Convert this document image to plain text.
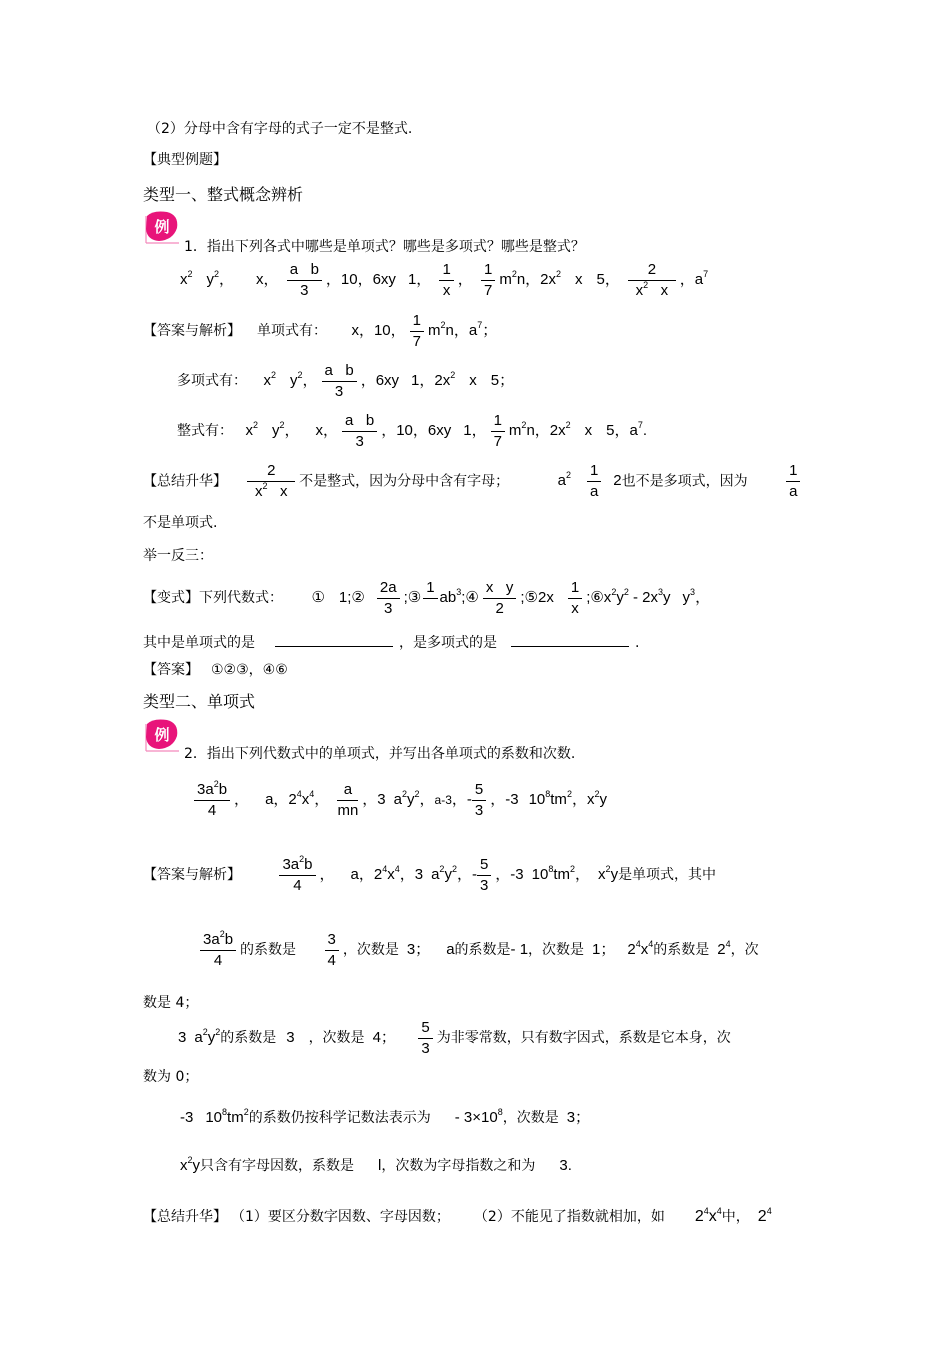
（2）分母中含有字母的式子一定不是整式.
【典型例题】
类型一、整式概念辨析
例
1．指出下列各式中哪些是单项式？哪些是多项式？哪些是整式？
$x^2$ $y^2$， x， $\frac{\text{a   b}}{3}$ ，10，6xy 1， $\frac{1}{x}$ ， $\frac{1}{7} m^2n$，$2x^2$ x 5， $\frac{2}{x^2 x}$ ，$a^7$
【答案与解析】 单项式有： x，10， $\frac{1}{7} m^2n$，$a^7$；
多项式有： $x^2$ $y^2$， $\frac{\text{a   b}}{3}$ ，6xy 1，$2x^2$ x 5；
整式有： $x^2$ $y^2$， x， $\frac{\text{a   b}}{3}$ ，10，6xy 1， $\frac{1}{7} m^2n$，$2x^2$ x 5，$a^7$.
【总结升华】 $\frac{2}{x^2 x}$ 不是整式，因为分母中含有字母；	$a^2 \frac{1}{a} 2$也不是多项式，因为	$\frac{1}{a}$
不是单项式.
举一反三：
【变式】下列代数式： ① 1;② $\frac{2a}{3}$ ;③
1

$ab^3;④ \frac{\text{x   y}}{2}$ ;⑤2x $\frac{1}{x}$ $;⑥x^2y^2 - 2x^3y$ $y^3$，
其中是单项式的是	，是多项式的是	.
【答案】 ①②③，④⑥
类型二、单项式
例
2．指出下列代数式中的单项式，并写出各单项式的系数和次数.
$\frac{3a^2b}{4}$ ， a，$2^4x^4$， $\frac{a}{mn}$ ，3 $a^2y^2$，a-3，- $\frac{5}{3}$ ，-3 $10^8tm^2$，$x^2y$
【答案与解析】	$\frac{3a^2b}{4}$ ， a，$2^4x^4$，3 $a^2y^2$，- $\frac{5}{3}$ ，-3 $10^8tm^2$， $x^2y$是单项式，其中
$\frac{3a^2b}{4}$ 的系数是 $\frac{3}{4}$ ，次数是 3； a的系数是- 1，次数是 1； $2^4x^4$的系数是 $2^4$，次
数是 4；
3 $a^2y^2$的系数是 3 ，次数是 4； $\frac{5}{3}$ 为非零常数，只有数字因式，系数是它本身，次
数为 0；
-3 $10^8tm^2$的系数仍按科学记数法表示为 - $3\times 10^8$，次数是 3；
$x^2y$只含有字母因数，系数是 l，次数为字母指数之和为 3.
【总结升华】 （1）要区分数字因数、字母因数； （2）不能见了指数就相加，如 $2^4x^4$中， $2^4$
